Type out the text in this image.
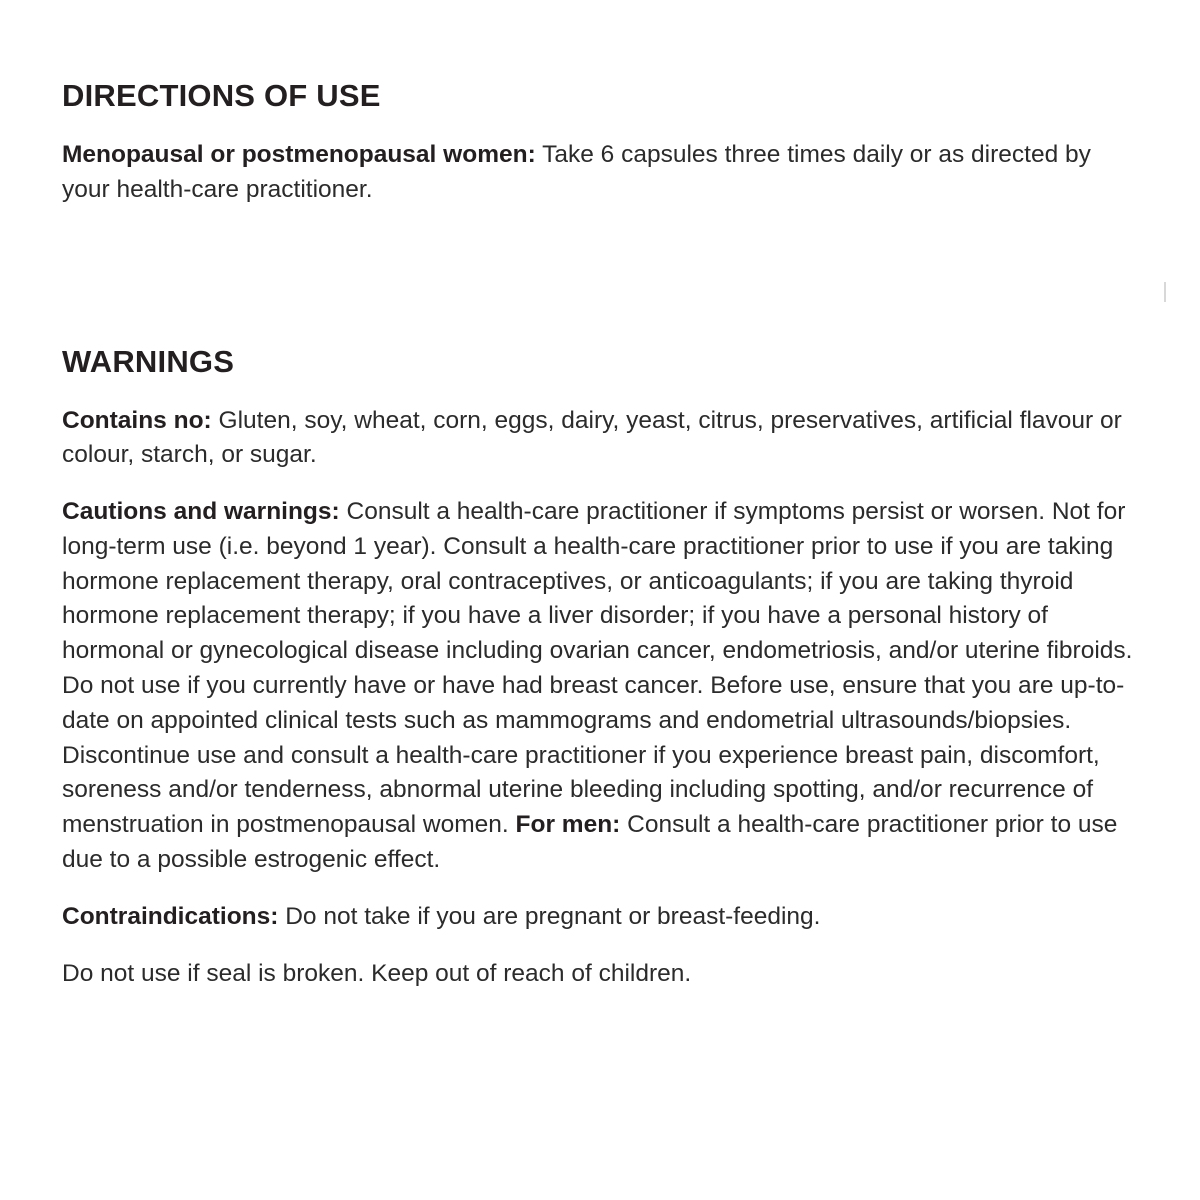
DIRECTIONS OF USE

Menopausal or postmenopausal women: Take 6 capsules three times daily or as directed by your health-care practitioner.

WARNINGS

Contains no: Gluten, soy, wheat, corn, eggs, dairy, yeast, citrus, preservatives, artificial flavour or colour, starch, or sugar.

Cautions and warnings: Consult a health-care practitioner if symptoms persist or worsen. Not for long-term use (i.e. beyond 1 year). Consult a health-care practitioner prior to use if you are taking hormone replacement therapy, oral contraceptives, or anticoagulants; if you are taking thyroid hormone replacement therapy; if you have a liver disorder; if you have a personal history of hormonal or gynecological disease including ovarian cancer, endometriosis, and/or uterine fibroids. Do not use if you currently have or have had breast cancer. Before use, ensure that you are up-to-date on appointed clinical tests such as mammograms and endometrial ultrasounds/biopsies. Discontinue use and consult a health-care practitioner if you experience breast pain, discomfort, soreness and/or tenderness, abnormal uterine bleeding including spotting, and/or recurrence of menstruation in postmenopausal women. For men: Consult a health-care practitioner prior to use due to a possible estrogenic effect.

Contraindications: Do not take if you are pregnant or breast-feeding.

Do not use if seal is broken. Keep out of reach of children.
